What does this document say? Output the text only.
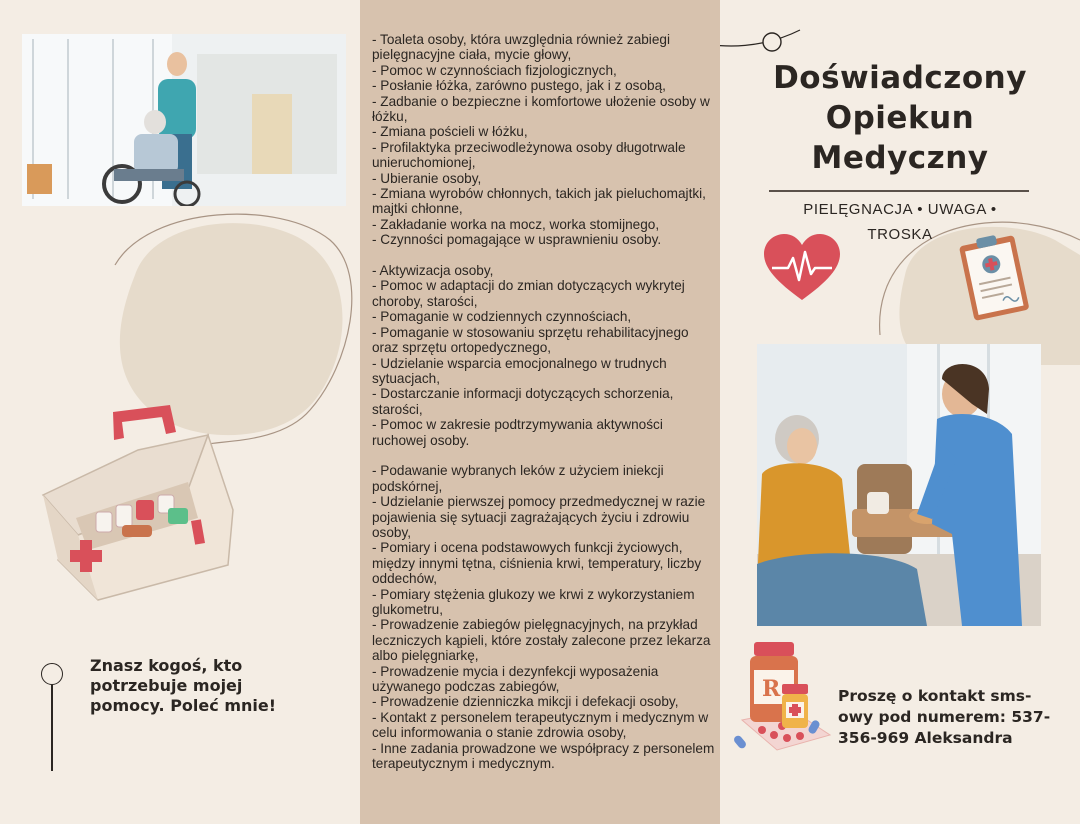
Znasz kogoś, kto
potrzebuje mojej
pomocy. Poleć mnie!
- Toaleta osoby, która uwzględnia również zabiegi pielęgnacyjne ciała, mycie głowy,
- Pomoc w czynnościach fizjologicznych,
- Posłanie łóżka, zarówno pustego, jak i z osobą,
- Zadbanie o bezpieczne i komfortowe ułożenie osoby w łóżku,
- Zmiana pościeli w łóżku,
- Profilaktyka przeciwodleżynowa osoby długotrwale unieruchomionej,
- Ubieranie osoby,
- Zmiana wyrobów chłonnych, takich jak pieluchomajtki, majtki chłonne,
- Zakładanie worka na mocz, worka stomijnego,
- Czynności pomagające w usprawnieniu osoby.
- Aktywizacja osoby,
- Pomoc w adaptacji do zmian dotyczących wykrytej choroby, starości,
- Pomaganie w codziennych czynnościach,
- Pomaganie w stosowaniu sprzętu rehabilitacyjnego oraz sprzętu ortopedycznego,
- Udzielanie wsparcia emocjonalnego w trudnych sytuacjach,
- Dostarczanie informacji dotyczących schorzenia, starości,
- Pomoc w zakresie podtrzymywania aktywności ruchowej osoby.
- Podawanie wybranych leków z użyciem iniekcji podskórnej,
- Udzielanie pierwszej pomocy przedmedycznej w razie pojawienia się sytuacji zagrażających życiu i zdrowiu osoby,
- Pomiary i ocena podstawowych funkcji życiowych, między innymi tętna, ciśnienia krwi, temperatury, liczby oddechów,
- Pomiary stężenia glukozy we krwi z wykorzystaniem glukometru,
- Prowadzenie zabiegów pielęgnacyjnych, na przykład leczniczych kąpieli, które zostały zalecone przez lekarza albo pielęgniarkę,
- Prowadzenie mycia i dezynfekcji wyposażenia używanego podczas zabiegów,
- Prowadzenie dzienniczka mikcji i defekacji osoby,
- Kontakt z personelem terapeutycznym i medycznym w celu informowania o stanie zdrowia osoby,
- Inne zadania prowadzone we współpracy z personelem terapeutycznym i medycznym.
Doświadczony
Opiekun
Medyczny
PIELĘGNACJA • UWAGA •
TROSKA
R	Proszę o kontakt sms-
owy pod numerem: 537-
356-969 Aleksandra
